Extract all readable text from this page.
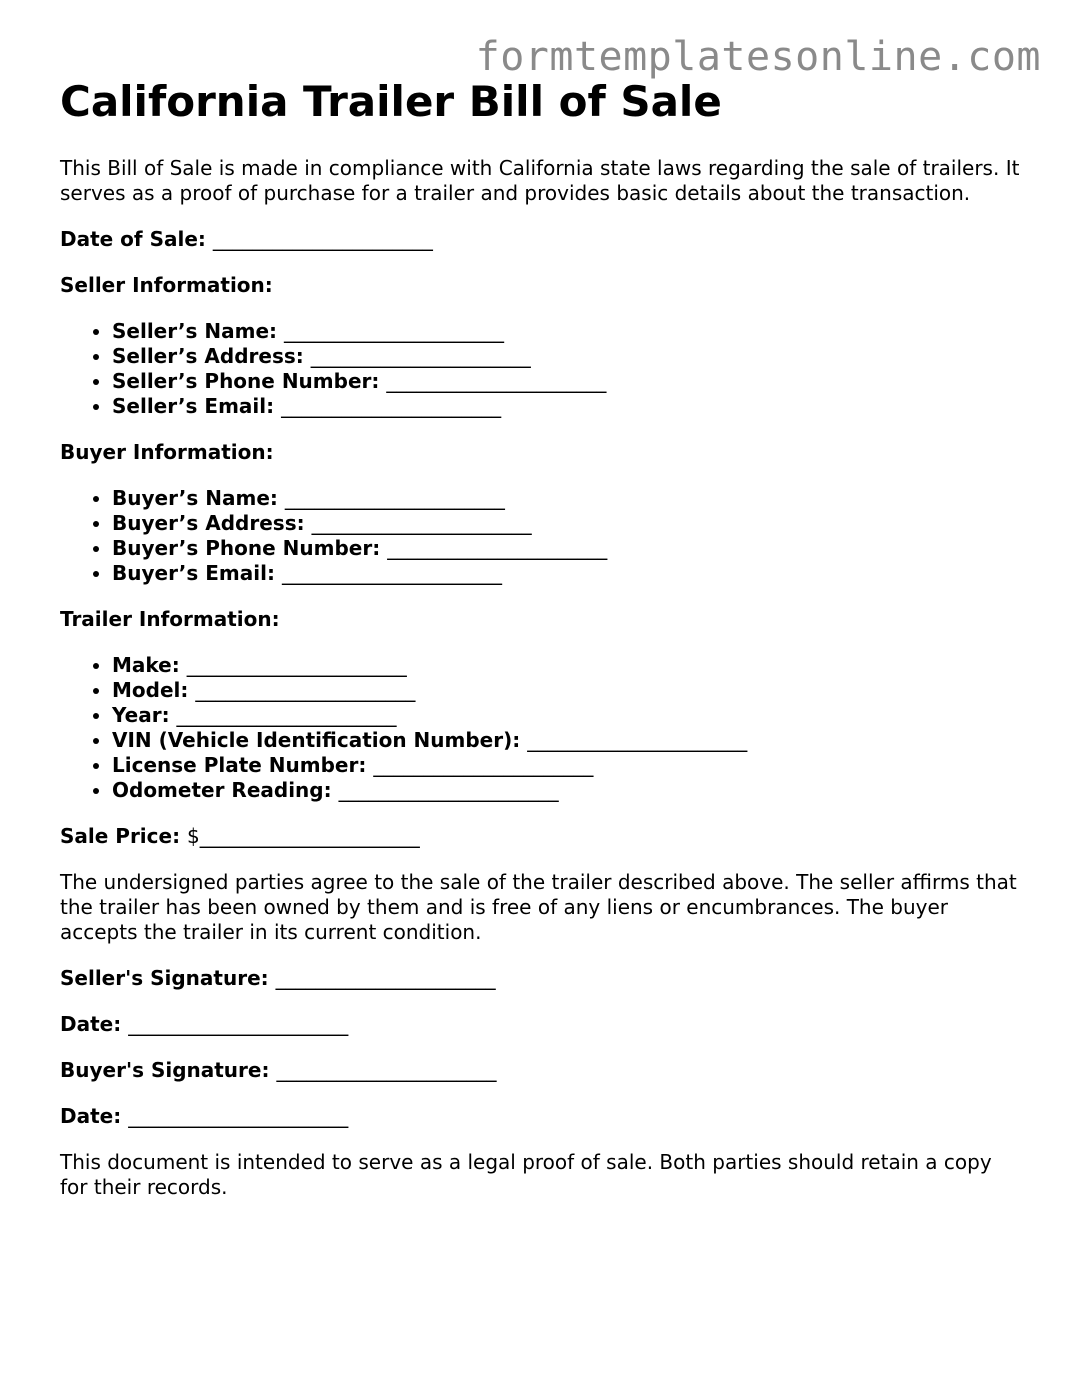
formtemplatesonline.com
California Trailer Bill of Sale

This Bill of Sale is made in compliance with California state laws regarding the sale of trailers. It serves as a proof of purchase for a trailer and provides basic details about the transaction.

Date of Sale: ______________________
Seller Information:
• Seller’s Name: ______________________
• Seller’s Address: ______________________
• Seller’s Phone Number: ______________________
• Seller’s Email: ______________________
Buyer Information:
• Buyer’s Name: ______________________
• Buyer’s Address: ______________________
• Buyer’s Phone Number: ______________________
• Buyer’s Email: ______________________
Trailer Information:
• Make: ______________________
• Model: ______________________
• Year: ______________________
• VIN (Vehicle Identification Number): ______________________
• License Plate Number: ______________________
• Odometer Reading: ______________________
Sale Price: $______________________

The undersigned parties agree to the sale of the trailer described above. The seller affirms that the trailer has been owned by them and is free of any liens or encumbrances. The buyer accepts the trailer in its current condition.

Seller's Signature: ______________________
Date: ______________________
Buyer's Signature: ______________________
Date: ______________________

This document is intended to serve as a legal proof of sale. Both parties should retain a copy for their records.
